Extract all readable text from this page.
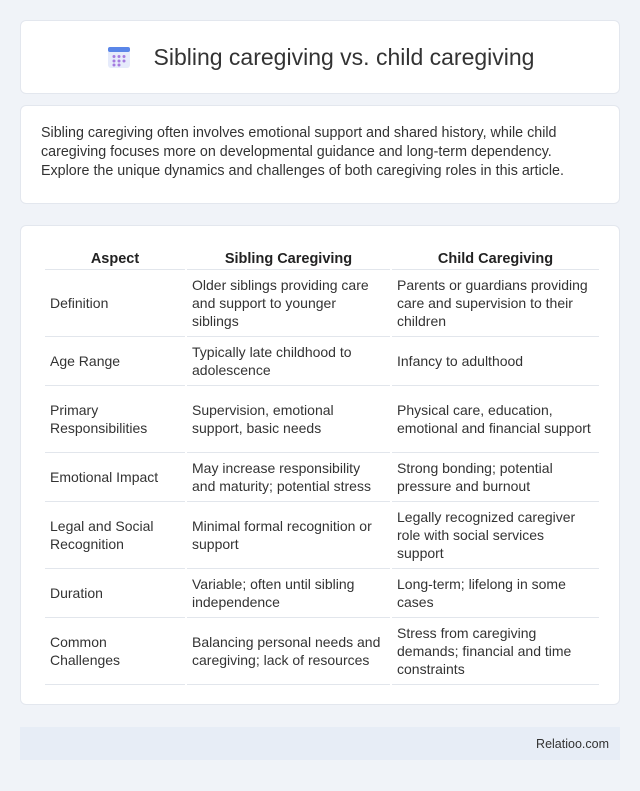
Sibling caregiving vs. child caregiving

Sibling caregiving often involves emotional support and shared history, while child caregiving focuses more on developmental guidance and long-term dependency. Explore the unique dynamics and challenges of both caregiving roles in this article.

Aspect	Sibling Caregiving	Child Caregiving
Definition	Older siblings providing care and support to younger siblings	Parents or guardians providing care and supervision to their children
Age Range	Typically late childhood to adolescence	Infancy to adulthood
Primary Responsibilities	Supervision, emotional support, basic needs	Physical care, education, emotional and financial support
Emotional Impact	May increase responsibility and maturity; potential stress	Strong bonding; potential pressure and burnout
Legal and Social Recognition	Minimal formal recognition or support	Legally recognized caregiver role with social services support
Duration	Variable; often until sibling independence	Long-term; lifelong in some cases
Common Challenges	Balancing personal needs and caregiving; lack of resources	Stress from caregiving demands; financial and time constraints
Relatioo.com
